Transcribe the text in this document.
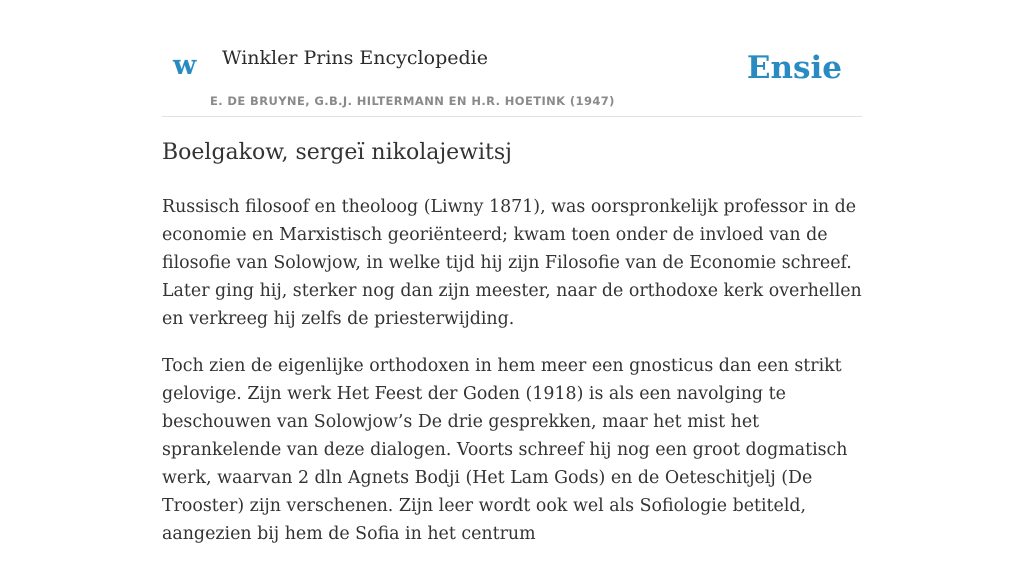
w Winkler Prins Encyclopedie
E. DE BRUYNE, G.B.J. HILTERMANN EN H.R. HOETINK (1947)
Ensie
Boelgakow, sergeï nikolajewitsj

Russisch filosoof en theoloog (Liwny 1871), was oorspronkelijk professor in de economie en Marxistisch georiënteerd; kwam toen onder de invloed van de filosofie van Solowjow, in welke tijd hij zijn Filosofie van de Economie schreef. Later ging hij, sterker nog dan zijn meester, naar de orthodoxe kerk overhellen en verkreeg hij zelfs de priesterwijding.

Toch zien de eigenlijke orthodoxen in hem meer een gnosticus dan een strikt gelovige. Zijn werk Het Feest der Goden (1918) is als een navolging te beschouwen van Solowjow’s De drie gesprekken, maar het mist het sprankelende van deze dialogen. Voorts schreef hij nog een groot dogmatisch werk, waarvan 2 dln Agnets Bodji (Het Lam Gods) en de Oeteschitjelj (De Trooster) zijn verschenen. Zijn leer wordt ook wel als Sofiologie betiteld, aangezien bij hem de Sofia in het centrum
